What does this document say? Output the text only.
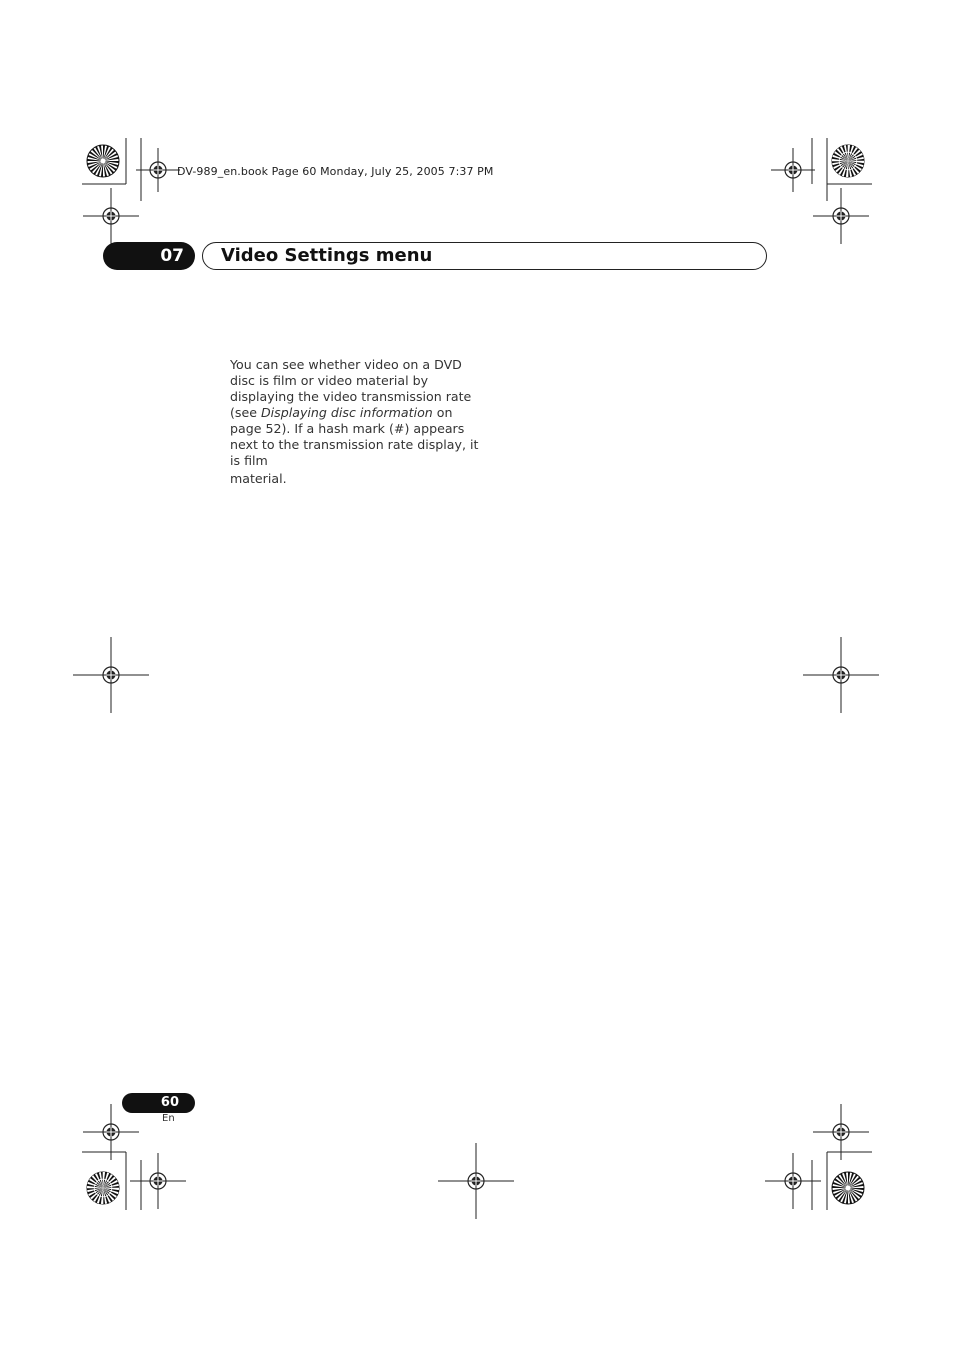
DV-989_en.book Page 60 Monday, July 25, 2005 7:37 PM
07	Video Settings menu

You can see whether video on a DVD disc is film or video material by displaying the video transmission rate (see Displaying disc information on page 52). If a hash mark (#) appears next to the transmission rate display, it is film
material.

60
En
